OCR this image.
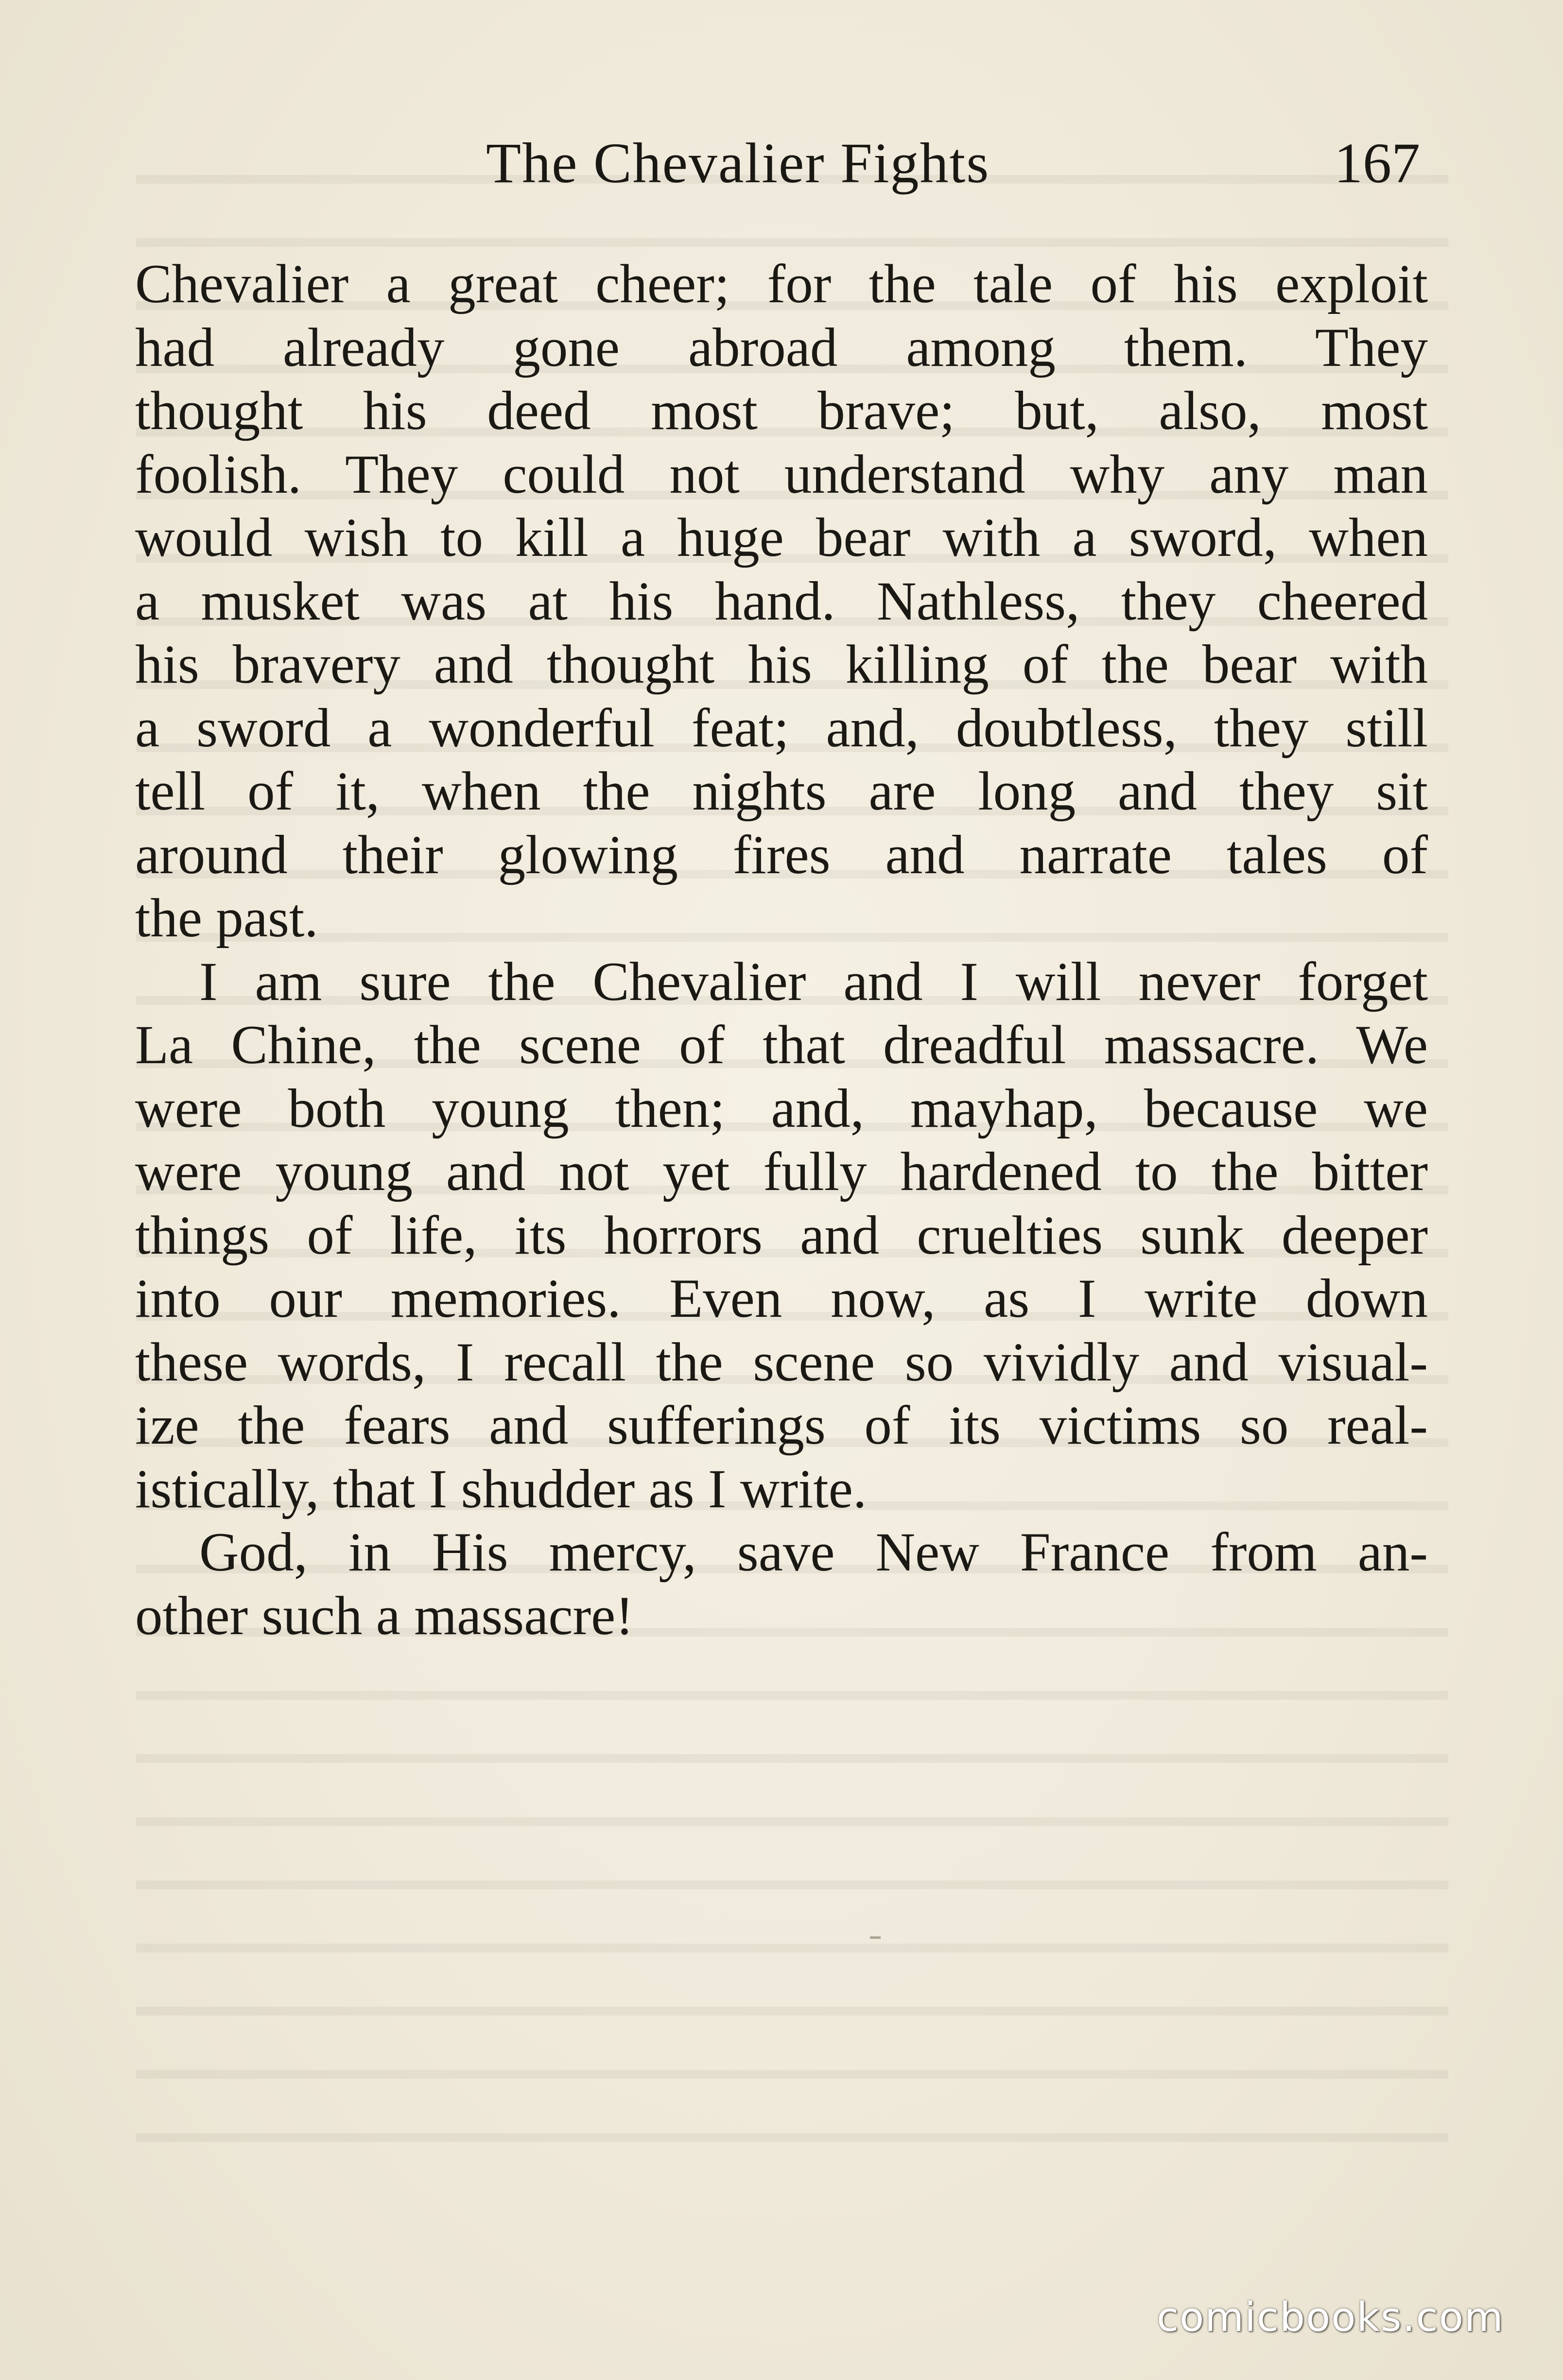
The Chevalier Fights	167
Chevalier a great cheer; for the tale of his exploit
had already gone abroad among them. They
thought his deed most brave; but, also, most
foolish. They could not understand why any man
would wish to kill a huge bear with a sword, when
a musket was at his hand. Nathless, they cheered
his bravery and thought his killing of the bear with
a sword a wonderful feat; and, doubtless, they still
tell of it, when the nights are long and they sit
around their glowing fires and narrate tales of
the past.
I am sure the Chevalier and I will never forget
La Chine, the scene of that dreadful massacre. We
were both young then; and, mayhap, because we
were young and not yet fully hardened to the bitter
things of life, its horrors and cruelties sunk deeper
into our memories. Even now, as I write down
these words, I recall the scene so vividly and visual-
ize the fears and sufferings of its victims so real-
istically, that I shudder as I write.
God, in His mercy, save New France from an-
other such a massacre!
comicbooks.com
